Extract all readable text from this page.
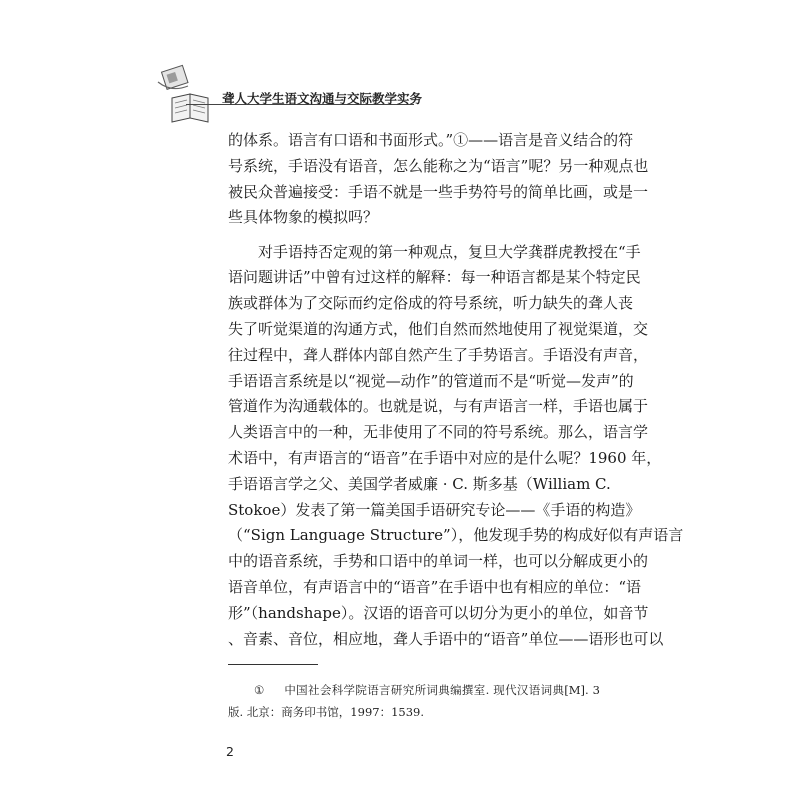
聋人大学生语文沟通与交际教学实务
的体系。语言有口语和书面形式。”①——语言是音义结合的符
号系统，手语没有语音，怎么能称之为“语言”呢？另一种观点也
被民众普遍接受：手语不就是一些手势符号的简单比画，或是一
些具体物象的模拟吗？
对手语持否定观的第一种观点，复旦大学龚群虎教授在“手
语问题讲话”中曾有过这样的解释：每一种语言都是某个特定民
族或群体为了交际而约定俗成的符号系统，听力缺失的聋人丧
失了听觉渠道的沟通方式，他们自然而然地使用了视觉渠道，交
往过程中，聋人群体内部自然产生了手势语言。手语没有声音，
手语语言系统是以“视觉—动作”的管道而不是“听觉—发声”的
管道作为沟通载体的。也就是说，与有声语言一样，手语也属于
人类语言中的一种，无非使用了不同的符号系统。那么，语言学
术语中，有声语言的“语音”在手语中对应的是什么呢？1960 年，
手语语言学之父、美国学者威廉 · C. 斯多基（William C.
Stokoe）发表了第一篇美国手语研究专论——《手语的构造》
（“Sign Language Structure”），他发现手势的构成好似有声语言
中的语音系统，手势和口语中的单词一样，也可以分解成更小的
语音单位，有声语言中的“语音”在手语中也有相应的单位：“语
形”（handshape）。汉语的语音可以切分为更小的单位，如音节
、音素、音位，相应地，聋人手语中的“语音”单位——语形也可以
① 中国社会科学院语言研究所词典编撰室. 现代汉语词典[M]. 3
版. 北京：商务印书馆，1997：1539.
2
